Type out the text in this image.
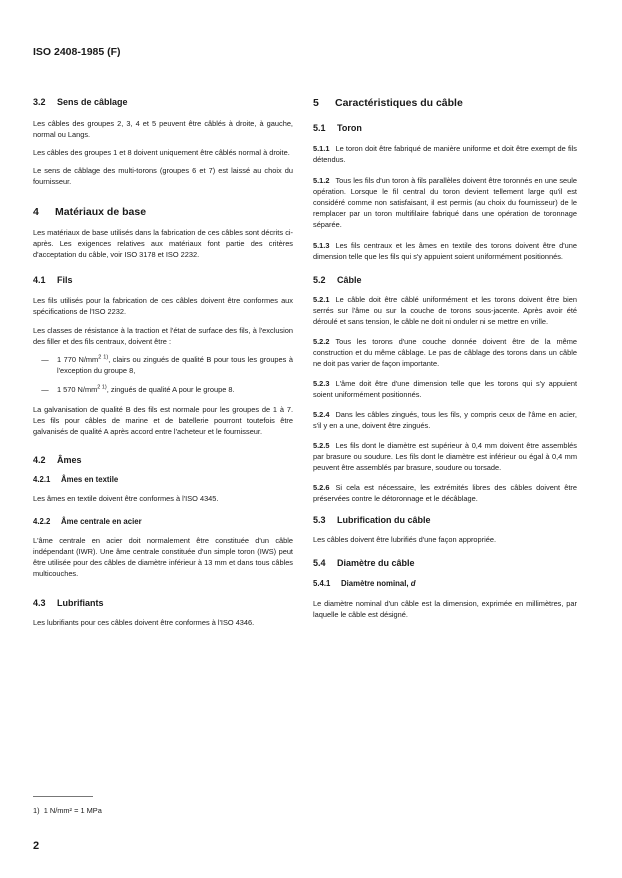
ISO 2408-1985 (F)
3.2 Sens de câblage

Les câbles des groupes 2, 3, 4 et 5 peuvent être câblés à droite, à gauche, normal ou Langs.

Les câbles des groupes 1 et 8 doivent uniquement être câblés normal à droite.

Le sens de câblage des multi-torons (groupes 6 et 7) est laissé au choix du fournisseur.

4 Matériaux de base

Les matériaux de base utilisés dans la fabrication de ces câbles sont décrits ci-après. Les exigences relatives aux matériaux font partie des critères d'acceptation du câble, voir ISO 3178 et ISO 2232.

4.1 Fils

Les fils utilisés pour la fabrication de ces câbles doivent être conformes aux spécifications de l'ISO 2232.

Les classes de résistance à la traction et l'état de surface des fils, à l'exclusion des filler et des fils centraux, doivent être :

—	1 770 $N/mm^{2 1)}$, clairs ou zingués de qualité B pour tous les groupes à l'exception du groupe 8,
—	1 570 $N/mm^{2 1)}$, zingués de qualité A pour le groupe 8.

La galvanisation de qualité B des fils est normale pour les groupes de 1 à 7. Les fils pour câbles de marine et de batellerie pourront toutefois être galvanisés de qualité A après accord entre l'acheteur et le fournisseur.

4.2 Âmes
4.2.1 Âmes en textile

Les âmes en textile doivent être conformes à l'ISO 4345.

4.2.2 Âme centrale en acier

L'âme centrale en acier doit normalement être constituée d'un câble indépendant (IWR). Une âme centrale constituée d'un simple toron (IWS) peut être utilisée pour des câbles de diamètre inférieur à 13 mm et dans tous câbles multicouches.

4.3 Lubrifiants

Les lubrifiants pour ces câbles doivent être conformes à l'ISO 4346.

5 Caractéristiques du câble
5.1 Toron

5.1.1 Le toron doit être fabriqué de manière uniforme et doit être exempt de fils détendus.

5.1.2 Tous les fils d'un toron à fils parallèles doivent être toronnés en une seule opération. Lorsque le fil central du toron devient tellement large qu'il est considéré comme non satisfaisant, il est permis (au choix du fournisseur) de le remplacer par un toron multifilaire fabriqué dans une opération de toronnage séparée.

5.1.3 Les fils centraux et les âmes en textile des torons doivent être d'une dimension telle que les fils qui s'y appuient soient uniformément positionnés.

5.2 Câble

5.2.1 Le câble doit être câblé uniformément et les torons doivent être bien serrés sur l'âme ou sur la couche de torons sous-jacente. Après avoir été déroulé et sans tension, le câble ne doit ni onduler ni se mettre en vrille.

5.2.2 Tous les torons d'une couche donnée doivent être de la même construction et du même câblage. Le pas de câblage des torons dans un câble ne doit pas varier de façon importante.

5.2.3 L'âme doit être d'une dimension telle que les torons qui s'y appuient soient uniformément positionnés.

5.2.4 Dans les câbles zingués, tous les fils, y compris ceux de l'âme en acier, s'il y en a une, doivent être zingués.

5.2.5 Les fils dont le diamètre est supérieur à 0,4 mm doivent être assemblés par brasure ou soudure. Les fils dont le diamètre est inférieur ou égal à 0,4 mm peuvent être assemblés par brasure, soudure ou torsade.

5.2.6 Si cela est nécessaire, les extrémités libres des câbles doivent être préservées contre le détoronnage et le décâblage.

5.3 Lubrification du câble

Les câbles doivent être lubrifiés d'une façon appropriée.

5.4 Diamètre du câble
5.4.1 Diamètre nominal, d

Le diamètre nominal d'un câble est la dimension, exprimée en millimètres, par laquelle le câble est désigné.

1) 1 N/mm² = 1 MPa
2
